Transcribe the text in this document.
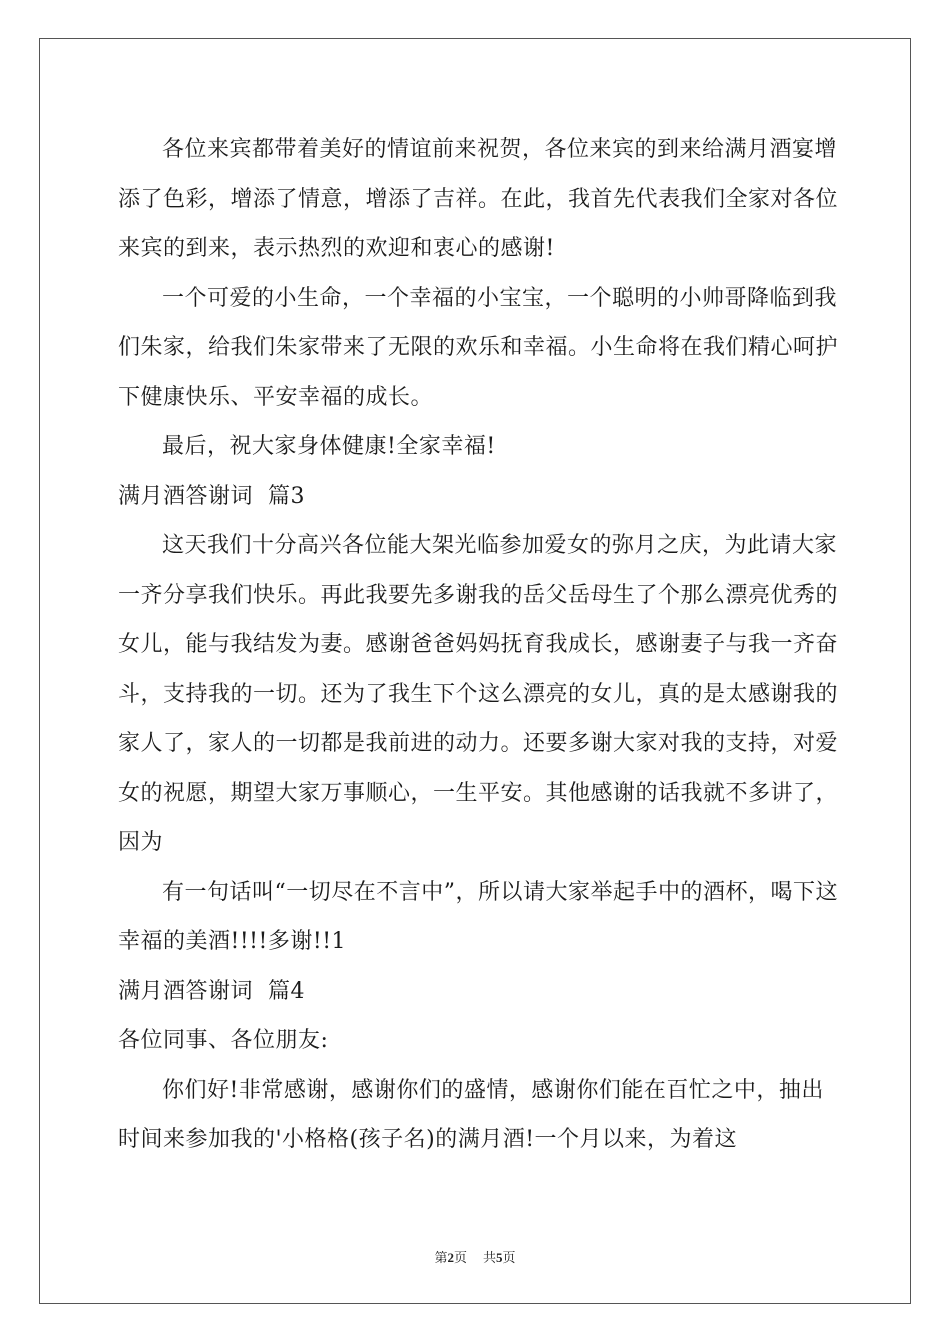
各位来宾都带着美好的情谊前来祝贺，各位来宾的到来给满月酒宴增添了色彩，增添了情意，增添了吉祥。在此，我首先代表我们全家对各位来宾的到来，表示热烈的欢迎和衷心的感谢!

一个可爱的小生命，一个幸福的小宝宝，一个聪明的小帅哥降临到我们朱家，给我们朱家带来了无限的欢乐和幸福。小生命将在我们精心呵护下健康快乐、平安幸福的成长。

最后，祝大家身体健康!全家幸福!

满月酒答谢词  篇3

这天我们十分高兴各位能大架光临参加爱女的弥月之庆，为此请大家一齐分享我们快乐。再此我要先多谢我的岳父岳母生了个那么漂亮优秀的女儿，能与我结发为妻。感谢爸爸妈妈抚育我成长，感谢妻子与我一齐奋斗，支持我的一切。还为了我生下个这么漂亮的女儿，真的是太感谢我的家人了，家人的一切都是我前进的动力。还要多谢大家对我的支持，对爱女的祝愿，期望大家万事顺心，一生平安。其他感谢的话我就不多讲了，因为

有一句话叫“一切尽在不言中”，所以请大家举起手中的酒杯，喝下这幸福的美酒!!!!多谢!!1

满月酒答谢词  篇4

各位同事、各位朋友:

你们好!非常感谢，感谢你们的盛情，感谢你们能在百忙之中，抽出时间来参加我的'小格格(孩子名)的满月酒!一个月以来，为着这

第2页 共5页
